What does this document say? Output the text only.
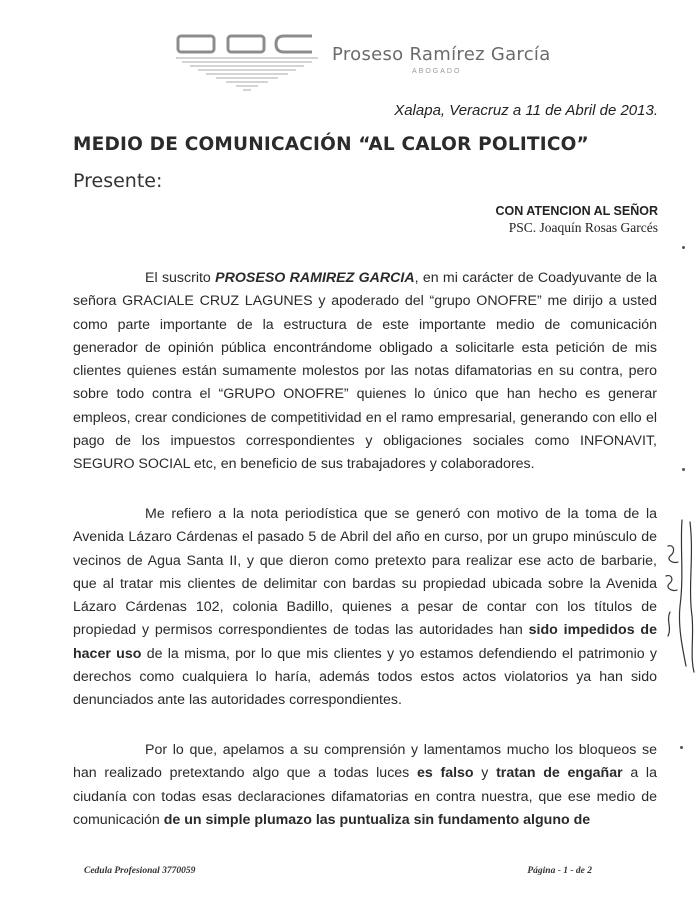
Proseso Ramírez García
ABOGADO
Xalapa, Veracruz a 11 de Abril de 2013.
MEDIO DE COMUNICACIÓN “AL CALOR POLITICO”
Presente:
CON ATENCION AL SEÑOR
PSC. Joaquín Rosas Garcés
El suscrito PROSESO RAMIREZ GARCIA, en mi carácter de Coadyuvante de la señora GRACIALE CRUZ LAGUNES y apoderado del “grupo ONOFRE” me dirijo a usted como parte importante de la estructura de este importante medio de comunicación generador de opinión pública encontrándome obligado a solicitarle esta petición de mis clientes quienes están sumamente molestos por las notas difamatorias en su contra, pero sobre todo contra el “GRUPO ONOFRE” quienes lo único que han hecho es generar empleos, crear condiciones de competitividad en el ramo empresarial, generando con ello el pago de los impuestos correspondientes y obligaciones sociales como INFONAVIT, SEGURO SOCIAL etc, en beneficio de sus trabajadores y colaboradores.
Me refiero a la nota periodística que se generó con motivo de la toma de la Avenida Lázaro Cárdenas el pasado 5 de Abril del año en curso, por un grupo minúsculo de vecinos de Agua Santa II, y que dieron como pretexto para realizar ese acto de barbarie, que al tratar mis clientes de delimitar con bardas su propiedad ubicada sobre la Avenida Lázaro Cárdenas 102, colonia Badillo, quienes a pesar de contar con los títulos de propiedad y permisos correspondientes de todas las autoridades han sido impedidos de hacer uso de la misma, por lo que mis clientes y yo estamos defendiendo el patrimonio y derechos como cualquiera lo haría, además todos estos actos violatorios ya han sido denunciados ante las autoridades correspondientes.
Por lo que, apelamos a su comprensión y lamentamos mucho los bloqueos se han realizado pretextando algo que a todas luces es falso y tratan de engañar a la ciudanía con todas esas declaraciones difamatorias en contra nuestra, que ese medio de comunicación de un simple plumazo las puntualiza sin fundamento alguno de
Cedula Profesional 3770059	Página - 1 - de 2
